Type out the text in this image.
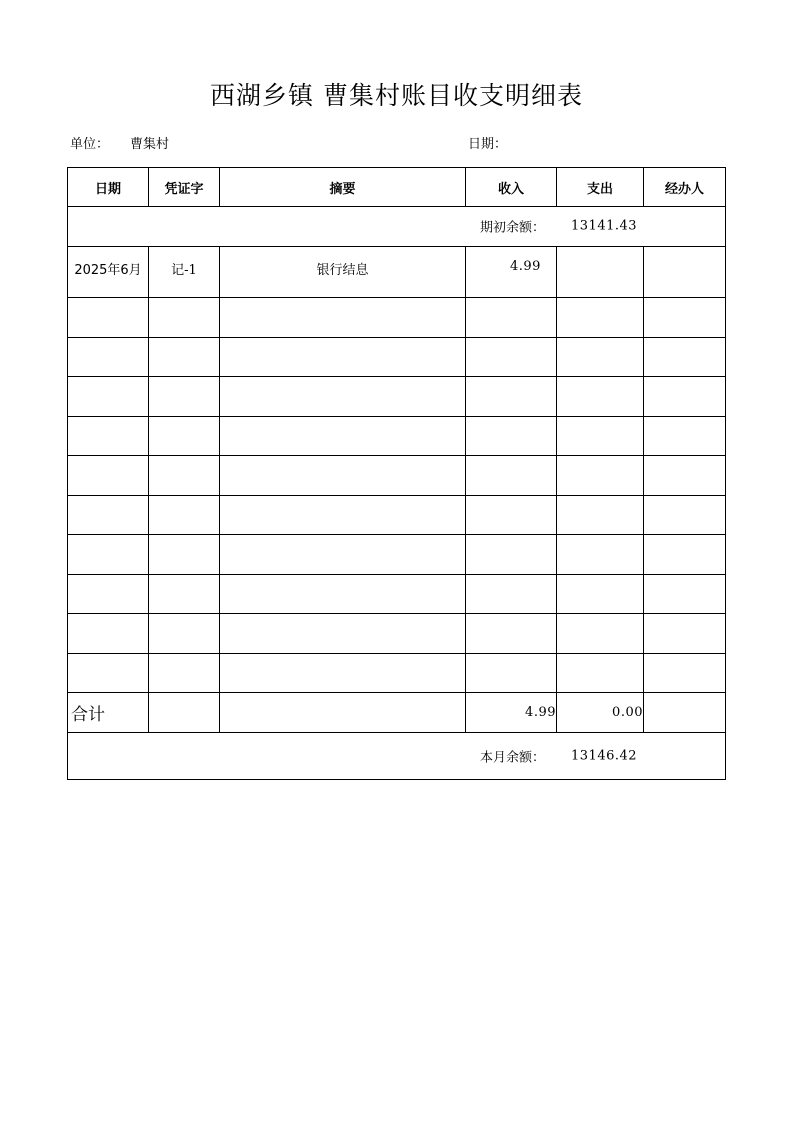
西湖乡镇 曹集村账目收支明细表
单位： 曹集村	日期：
日期	凭证字	摘要	收入	支出	经办人

期初余额： 13141.43					

2025年6月	记-1	银行结息	4.99		

合计			4.99	0.00	

本月余额： 13146.42					
